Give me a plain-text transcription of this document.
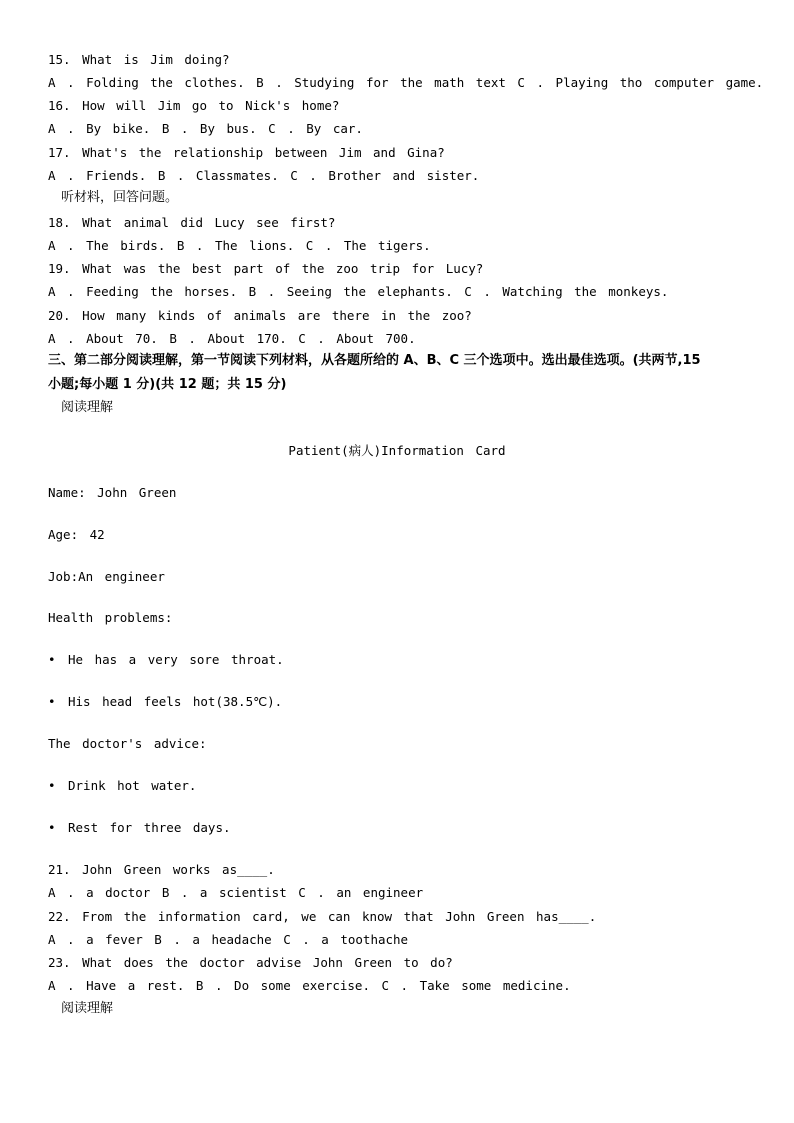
15. What is Jim doing?
A . Folding the clothes. B . Studying for the math text C . Playing tho computer game.
16. How will Jim go to Nick's home?
A . By bike. B . By bus. C . By car.
17. What's the relationship between Jim and Gina?
A . Friends. B . Classmates. C . Brother and sister.
听材料，回答问题。
18. What animal did Lucy see first?
A . The birds. B . The lions. C . The tigers.
19. What was the best part of the zoo trip for Lucy?
A . Feeding the horses. B . Seeing the elephants. C . Watching the monkeys.
20. How many kinds of animals are there in the zoo?
A . About 70. B . About 170. C . About 700.
三、第二部分阅读理解，第一节阅读下列材料，从各题所给的 A、B、C 三个选项中。选出最佳选项。(共两节,15
小题;每小题 1 分)(共 12 题；共 15 分)
阅读理解
Patient(病人)Information Card
Name: John Green
Age: 42
Job:An engineer
Health problems:
• He has a very sore throat.
• His head feels hot(38.5℃).
The doctor's advice:
• Drink hot water.
• Rest for three days.
21. John Green works as____.
A . a doctor B . a scientist C . an engineer
22. From the information card, we can know that John Green has____.
A . a fever B . a headache C . a toothache
23. What does the doctor advise John Green to do?
A . Have a rest. B . Do some exercise. C . Take some medicine.
阅读理解
